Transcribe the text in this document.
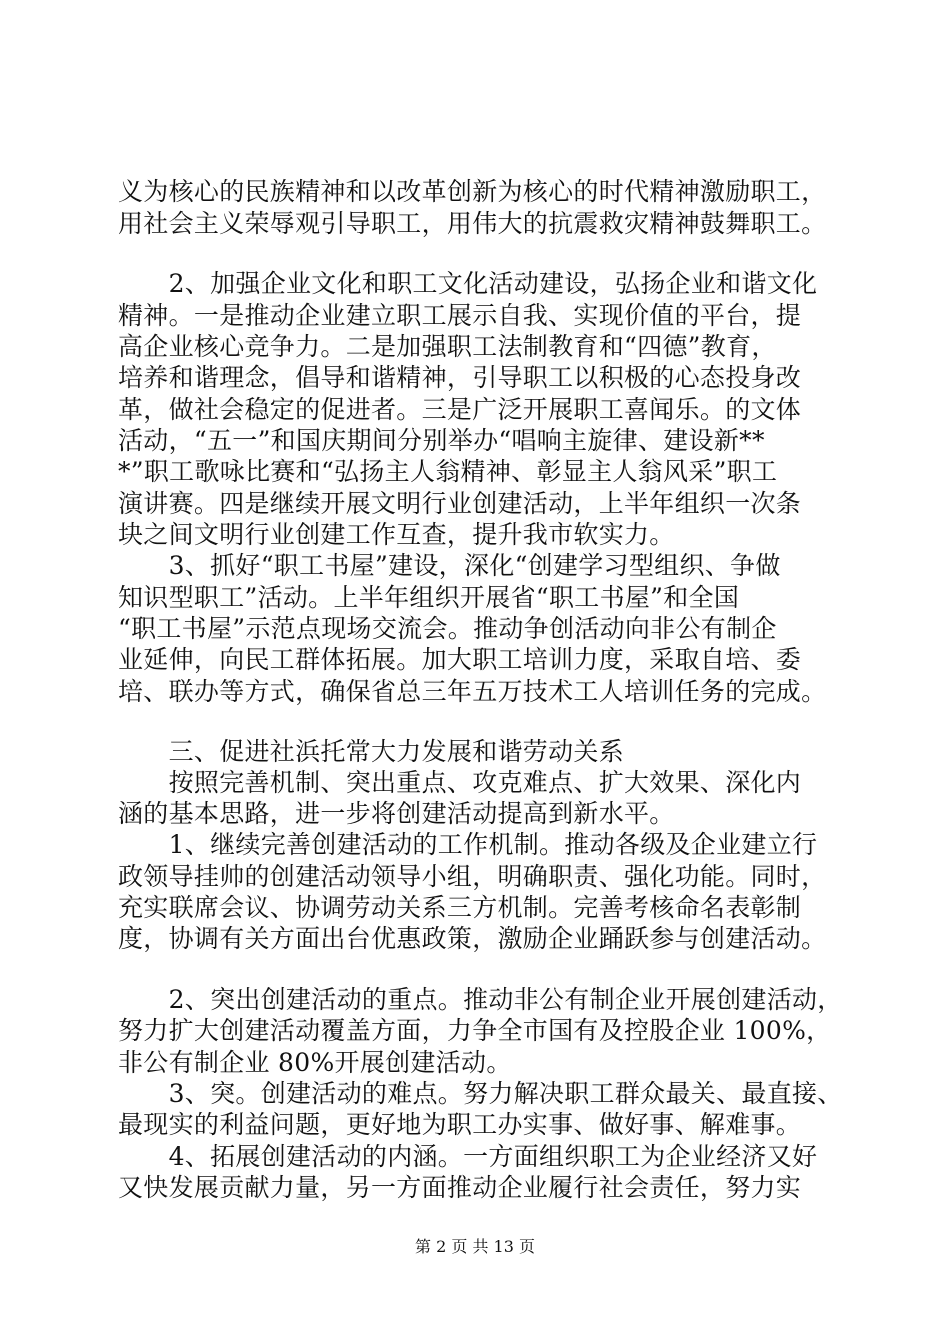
义为核心的民族精神和以改革创新为核心的时代精神激励职工，
用社会主义荣辱观引导职工，用伟大的抗震救灾精神鼓舞职工。
　　2、加强企业文化和职工文化活动建设，弘扬企业和谐文化
精神。一是推动企业建立职工展示自我、实现价值的平台，提
高企业核心竞争力。二是加强职工法制教育和“四德”教育，
培养和谐理念，倡导和谐精神，引导职工以积极的心态投身改
革，做社会稳定的促进者。三是广泛开展职工喜闻乐。的文体
活动，“五一”和国庆期间分别举办“唱响主旋律、建设新**
*”职工歌咏比赛和“弘扬主人翁精神、彰显主人翁风采”职工
演讲赛。四是继续开展文明行业创建活动，上半年组织一次条
块之间文明行业创建工作互查，提升我市软实力。
　　3、抓好“职工书屋”建设，深化“创建学习型组织、争做
知识型职工”活动。上半年组织开展省“职工书屋”和全国
“职工书屋”示范点现场交流会。推动争创活动向非公有制企
业延伸，向民工群体拓展。加大职工培训力度，采取自培、委
培、联办等方式，确保省总三年五万技术工人培训任务的完成。
　　三、促进社浜托常大力发展和谐劳动关系
　　按照完善机制、突出重点、攻克难点、扩大效果、深化内
涵的基本思路，进一步将创建活动提高到新水平。
　　1、继续完善创建活动的工作机制。推动各级及企业建立行
政领导挂帅的创建活动领导小组，明确职责、强化功能。同时，
充实联席会议、协调劳动关系三方机制。完善考核命名表彰制
度，协调有关方面出台优惠政策，激励企业踊跃参与创建活动。
　　2、突出创建活动的重点。推动非公有制企业开展创建活动，
努力扩大创建活动覆盖方面，力争全市国有及控股企业 100%，
非公有制企业 80%开展创建活动。
　　3、突。创建活动的难点。努力解决职工群众最关、最直接、
最现实的利益问题，更好地为职工办实事、做好事、解难事。
　　4、拓展创建活动的内涵。一方面组织职工为企业经济又好
又快发展贡献力量，另一方面推动企业履行社会责任，努力实
第 2 页 共 13 页
